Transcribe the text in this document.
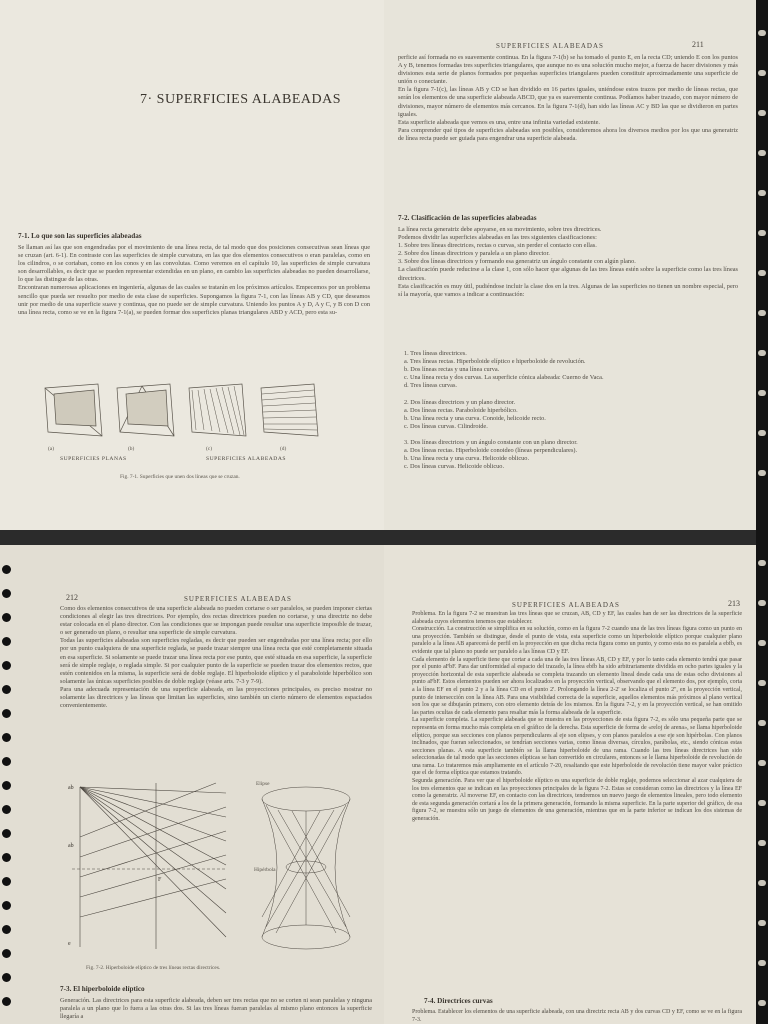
7· SUPERFICIES ALABEADAS
7-1. Lo que son las superficies alabeadas
Se llaman así las que son engendradas por el movimiento de una línea recta, de tal modo que dos posiciones consecutivas sean líneas que se cruzan (art. 6-1). En contraste con las superficies de simple curvatura, en las que dos elementos consecutivos o eran paralelas, como en los cilindros, o se cortaban, como en los conos y en las convolutas. Como veremos en el capítulo 10, las superficies de simple curvatura son desarrollables, es decir que se pueden representar extendidas en un plano, en cambio las superficies alabeadas no pueden desarrollarse, lo que las distingue de las otras.
Encontraran numerosas aplicaciones en ingeniería, algunas de las cuales se tratarán en los próximos artículos. Empecemos por un problema sencillo que pueda ser resuelto por medio de esta clase de superficies. Supongamos la figura 7-1, con las líneas AB y CD, que deseamos unir por medio de una superficie suave y continua, que no puede ser de simple curvatura. Uniendo los puntos A y D, A y C, y B con D con una línea recta, como se ve en la figura 7-1(a), se pueden formar dos superficies planas triangulares ABD y ACD, pero esta su-
(a)	(b)	(c)	(d)
SUPERFICIES PLANAS	SUPERFICIES ALABEADAS
Fig. 7-1. Superficies que unen dos líneas que se cruzan.
SUPERFICIES ALABEADAS	211
perficie así formada no es suavemente continua. En la figura 7-1(b) se ha tomado el punto E, en la recta CD; uniendo E con los puntos A y B, tenemos formadas tres superficies triangulares, que aunque no es una solución mucho mejor, a fuerza de hacer divisiones y más divisiones esta serie de planos formados por pequeñas superficies triangulares pueden constituir aproximadamente una superficie de unión o conectante.
En la figura 7-1(c), las líneas AB y CD se han dividido en 16 partes iguales, uniéndose estos trazos por medio de líneas rectas, que serán los elementos de una superficie alabeada ABCD, que ya es suavemente continua. Podíamos haber trazado, con mayor número de divisiones, mayor número de elementos más cercanos. En la figura 7-1(d), han sido las líneas AC y BD las que se dividieron en partes iguales.
Esta superficie alabeada que vemos es una, entre una infinita variedad existente.
Para comprender qué tipos de superficies alabeadas son posibles, consideremos ahora los diversos medios por los que una generatriz de línea recta puede ser guiada para engendrar una superficie alabeada.
7-2. Clasificación de las superficies alabeadas
La línea recta generatriz debe apoyarse, en su movimiento, sobre tres directrices.
Podemos dividir las superficies alabeadas en las tres siguientes clasificaciones:
1. Sobre tres líneas directrices, rectas o curvas, sin perder el contacto con ellas.
2. Sobre dos líneas directrices y paralela a un plano director.
3. Sobre dos líneas directrices y formando esa generatriz un ángulo constante con algún plano.
La clasificación puede reducirse a la clase 1, con sólo hacer que algunas de las tres líneas estén sobre la superficie como las tres líneas directrices.
Esta clasificación es muy útil, pudiéndose incluir la clase dos en la tres. Algunas de las superficies no tienen un nombre especial, pero sí la mayoría, que vamos a indicar a continuación:
1. Tres líneas directrices.
a. Tres líneas rectas. Hiperboloide elíptico e hiperboloide de revolución.
b. Dos líneas rectas y una línea curva.
c. Una línea recta y dos curvas. La superficie cónica alabeada: Cuerno de Vaca.
d. Tres líneas curvas.

2. Dos líneas directrices y un plano director.
a. Dos líneas rectas. Paraboloide hiperbólico.
b. Una línea recta y una curva. Conoide, helicoide recto.
c. Dos líneas curvas. Cilindroide.

3. Dos líneas directrices y un ángulo constante con un plano director.
a. Dos líneas rectas. Hiperboloide conoideo (líneas perpendiculares).
b. Una línea recta y una curva. Helicoide oblicuo.
c. Dos líneas curvas. Helicoide oblicuo.
212	SUPERFICIES ALABEADAS
Como dos elementos consecutivos de una superficie alabeada no pueden cortarse o ser paralelos, se pueden imponer ciertas condiciones al elegir las tres directrices. Por ejemplo, dos rectas directrices pueden no cortarse, y una directriz no debe estar colocada en el plano director. Con las condiciones que se impongan puede resultar una superficie imposible de trazar, o ser generado un plano, o resultar una superficie de simple curvatura.
Todas las superficies alabeadas son superficies regladas, es decir que pueden ser engendradas por una línea recta; por ello por un punto cualquiera de una superficie reglada, se puede trazar siempre una línea recta que esté completamente situada en esa superficie. Si solamente se puede trazar una línea recta por ese punto, que esté situada en esa superficie, la superficie será de simple reglaje, o reglada simple. Si por cualquier punto de la superficie se pueden trazar dos elementos rectos, que estén contenidos en la misma, la superficie será de doble reglaje. El hiperboloide elíptico y el paraboloide hiperbólico son solamente las únicas superficies posibles de doble reglaje (véase arts. 7-3 y 7-9).
Para una adecuada representación de una superficie alabeada, en las proyecciones principales, es preciso mostrar no solamente las directrices y las líneas que limitan las superficies, sino también un cierto número de elementos espaciados convenientemente.
ab
ab
F
e
Elipse
Hipérbola
Fig. 7-2. Hiperboloide elíptico de tres líneas rectas directrices.
7-3. El hiperboloide elíptico
Generación. Las directrices para esta superficie alabeada, deben ser tres rectas que no se corten ni sean paralelas y ninguna paralela a un plano que lo fuera a las otras dos. Si las tres líneas fueran paralelas al mismo plano entonces la superficie llegaría a
SUPERFICIES ALABEADAS	213
Problema. En la figura 7-2 se muestran las tres líneas que se cruzan, AB, CD y EF, las cuales han de ser las directrices de la superficie alabeada cuyos elementos tenemos que establecer.
Construcción. La construcción se simplifica en su solución, como en la figura 7-2 cuando una de las tres líneas figura como un punto en una proyección. También se distingue, desde el punto de vista, esta superficie como un hiperboloide elíptico porque cualquier plano paralelo a la línea AB aparecerá de perfil en la proyección en que dicha recta figura como un punto, y como esta no es paralela a ebfb, es evidente que tal plano no puede ser paralelo a las líneas CD y EF.
Cada elemento de la superficie tiene que cortar a cada una de las tres líneas AB, CD y EF, y por lo tanto cada elemento tendrá que pasar por el punto aFbF. Para dar uniformidad al espacio del trazado, la línea ebfb ha sido arbitrariamente dividida en ocho partes iguales y la proyección horizontal de esta superficie alabeada se completa trazando un elemento lineal desde cada una de estas ocho divisiones al punto aFbF. Estos elementos pueden ser ahora localizados en la proyección vertical, observando que el elemento dos, por ejemplo, corta a la línea EF en el punto 2 y a la línea CD en el punto 2'. Prolongando la línea 2-2' se localiza el punto 2'', en la proyección vertical, punto de intersección con la línea AB. Para una visibilidad correcta de la superficie, aquellos elementos más próximos al plano vertical son los que se dibujarán primero, con otro elemento detrás de los mismos. En la figura 7-2, y en la proyección vertical, se han omitido las partes ocultas de cada elemento para resaltar más la forma alabeada de la superficie.
La superficie completa. La superficie alabeada que se muestra en las proyecciones de esta figura 7-2, es sólo una pequeña parte que se representa en forma mucho más completa en el gráfico de la derecha. Esta superficie de forma de «reloj de arena», se llama hiperboloide elíptico, porque sus secciones con planos perpendiculares al eje son elipses, y con planos paralelos a ese eje son hipérbolas. Con planos inclinados, que fueran seleccionados, se tendrían secciones varias, como líneas diversas, círculos, parábolas, etc., siendo cónicas estas secciones planas. A esta superficie también se la llama hiperboloide de una rama. Cuando las tres líneas directrices han sido seleccionadas de tal modo que las secciones elípticas se han convertido en circulares, entonces se le llama hiperboloide de revolución de una rama. Lo trataremos más ampliamente en el artículo 7-20, resaltando que este hiperboloide de revolución tiene mayor valor práctico que el de forma elíptica que estamos tratando.
Segunda generación. Para ver que el hiperboloide elíptico es una superficie de doble reglaje, podemos seleccionar al azar cualquiera de los tres elementos que se indican en las proyecciones principales de la figura 7-2. Estas se consideran como las directrices y la línea EF como la generatriz. Al moverse EF, en contacto con las directrices, tendremos un nuevo juego de elementos lineales, pero todo elemento de esta segunda generación cortará a los de la primera generación, formando la misma superficie. En la parte superior del gráfico, de esa figura 7-2, se muestra sólo un juego de elementos de una generación, mientras que en la parte inferior se indican los dos sistemas de generación.
7-4. Directrices curvas
Problema. Establecer los elementos de una superficie alabeada, con una directriz recta AB y dos curvas CD y EF, como se ve en la figura 7-3.
